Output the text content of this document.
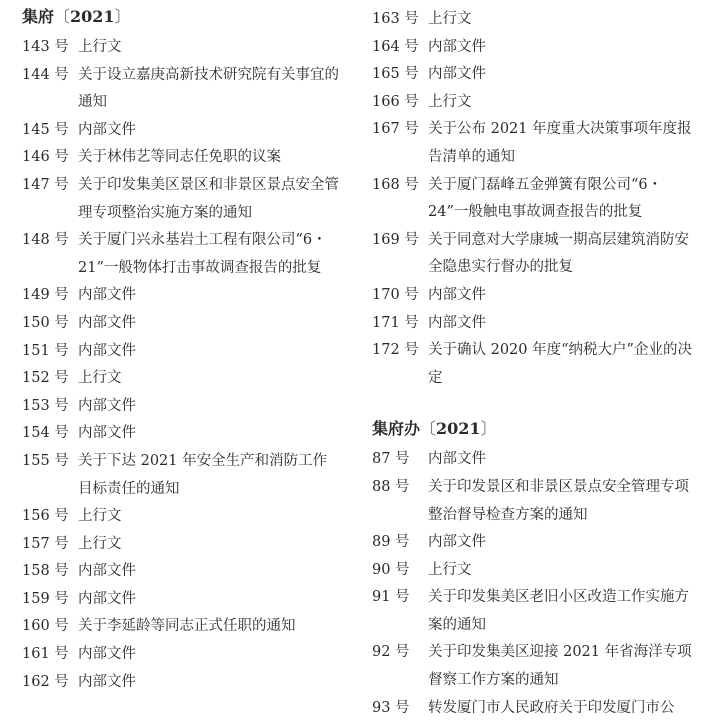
集府〔2021〕
143 号 上行文
144 号 关于设立嘉庚高新技术研究院有关事宜的通知
145 号 内部文件
146 号 关于林伟艺等同志任免职的议案
147 号 关于印发集美区景区和非景区景点安全管理专项整治实施方案的通知
148 号 关于厦门兴永基岩土工程有限公司“6・21”一般物体打击事故调查报告的批复
149 号 内部文件
150 号 内部文件
151 号 内部文件
152 号 上行文
153 号 内部文件
154 号 内部文件
155 号 关于下达 2021 年安全生产和消防工作目标责任的通知
156 号 上行文
157 号 上行文
158 号 内部文件
159 号 内部文件
160 号 关于李延龄等同志正式任职的通知
161 号 内部文件
162 号 内部文件
163 号 上行文
164 号 内部文件
165 号 内部文件
166 号 上行文
167 号 关于公布 2021 年度重大决策事项年度报告清单的通知
168 号 关于厦门磊峰五金弹簧有限公司“6・24”一般触电事故调查报告的批复
169 号 关于同意对大学康城一期高层建筑消防安全隐患实行督办的批复
170 号 内部文件
171 号 内部文件
172 号 关于确认 2020 年度“纳税大户”企业的决定
集府办〔2021〕
87 号	内部文件
88 号	关于印发景区和非景区景点安全管理专项整治督导检查方案的通知
89 号	内部文件
90 号	上行文
91 号	关于印发集美区老旧小区改造工作实施方案的通知
92 号	关于印发集美区迎接 2021 年省海洋专项督察工作方案的通知
93 号	转发厦门市人民政府关于印发厦门市公
